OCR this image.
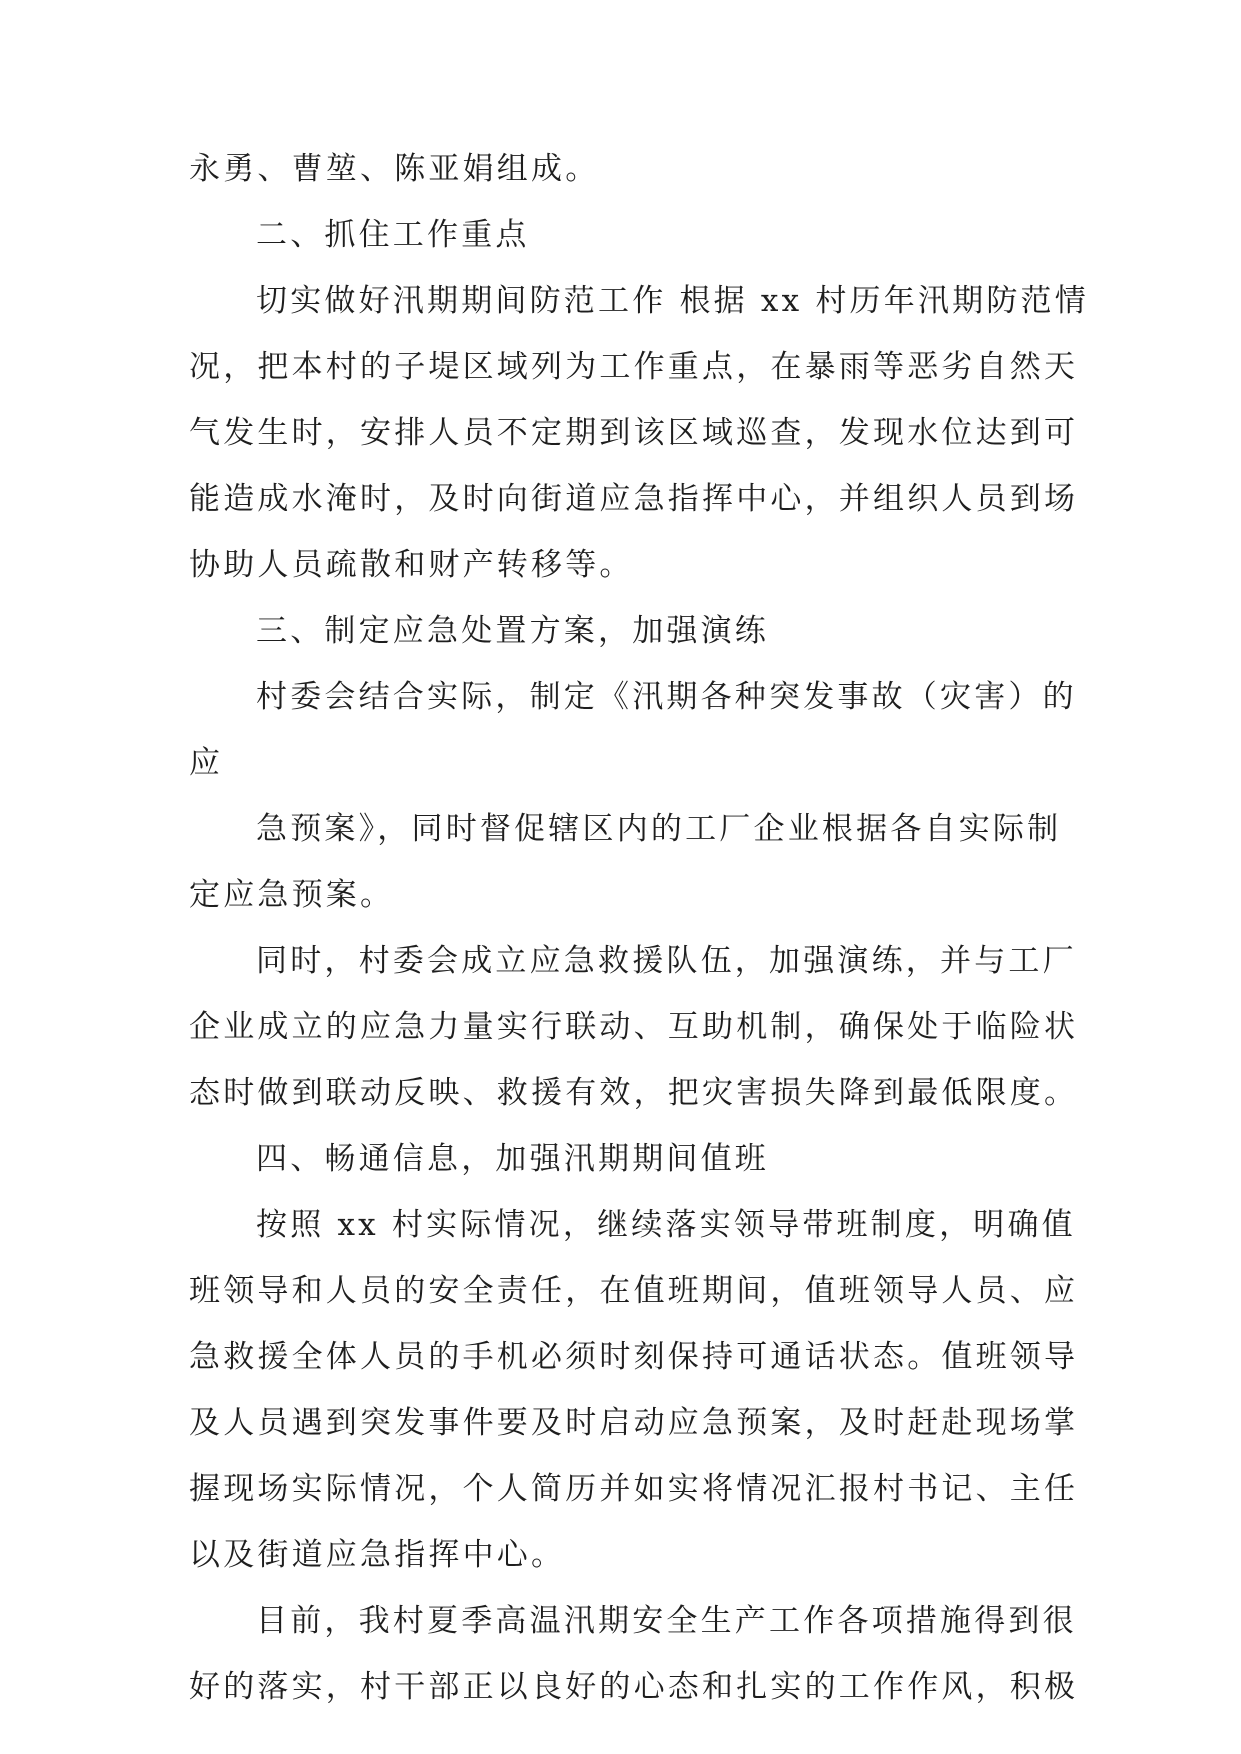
永勇、曹堃、陈亚娟组成。
二、抓住工作重点
切实做好汛期期间防范工作 根据 xx 村历年汛期防范情
况，把本村的子堤区域列为工作重点，在暴雨等恶劣自然天
气发生时，安排人员不定期到该区域巡查，发现水位达到可
能造成水淹时，及时向街道应急指挥中心，并组织人员到场
协助人员疏散和财产转移等。
三、制定应急处置方案，加强演练
村委会结合实际，制定《汛期各种突发事故（灾害）的
应
急预案》，同时督促辖区内的工厂企业根据各自实际制
定应急预案。
同时，村委会成立应急救援队伍，加强演练，并与工厂
企业成立的应急力量实行联动、互助机制，确保处于临险状
态时做到联动反映、救援有效，把灾害损失降到最低限度。
四、畅通信息，加强汛期期间值班
按照 xx 村实际情况，继续落实领导带班制度，明确值
班领导和人员的安全责任，在值班期间，值班领导人员、应
急救援全体人员的手机必须时刻保持可通话状态。值班领导
及人员遇到突发事件要及时启动应急预案，及时赶赴现场掌
握现场实际情况，个人简历并如实将情况汇报村书记、主任
以及街道应急指挥中心。
目前，我村夏季高温汛期安全生产工作各项措施得到很
好的落实，村干部正以良好的心态和扎实的工作作风，积极
